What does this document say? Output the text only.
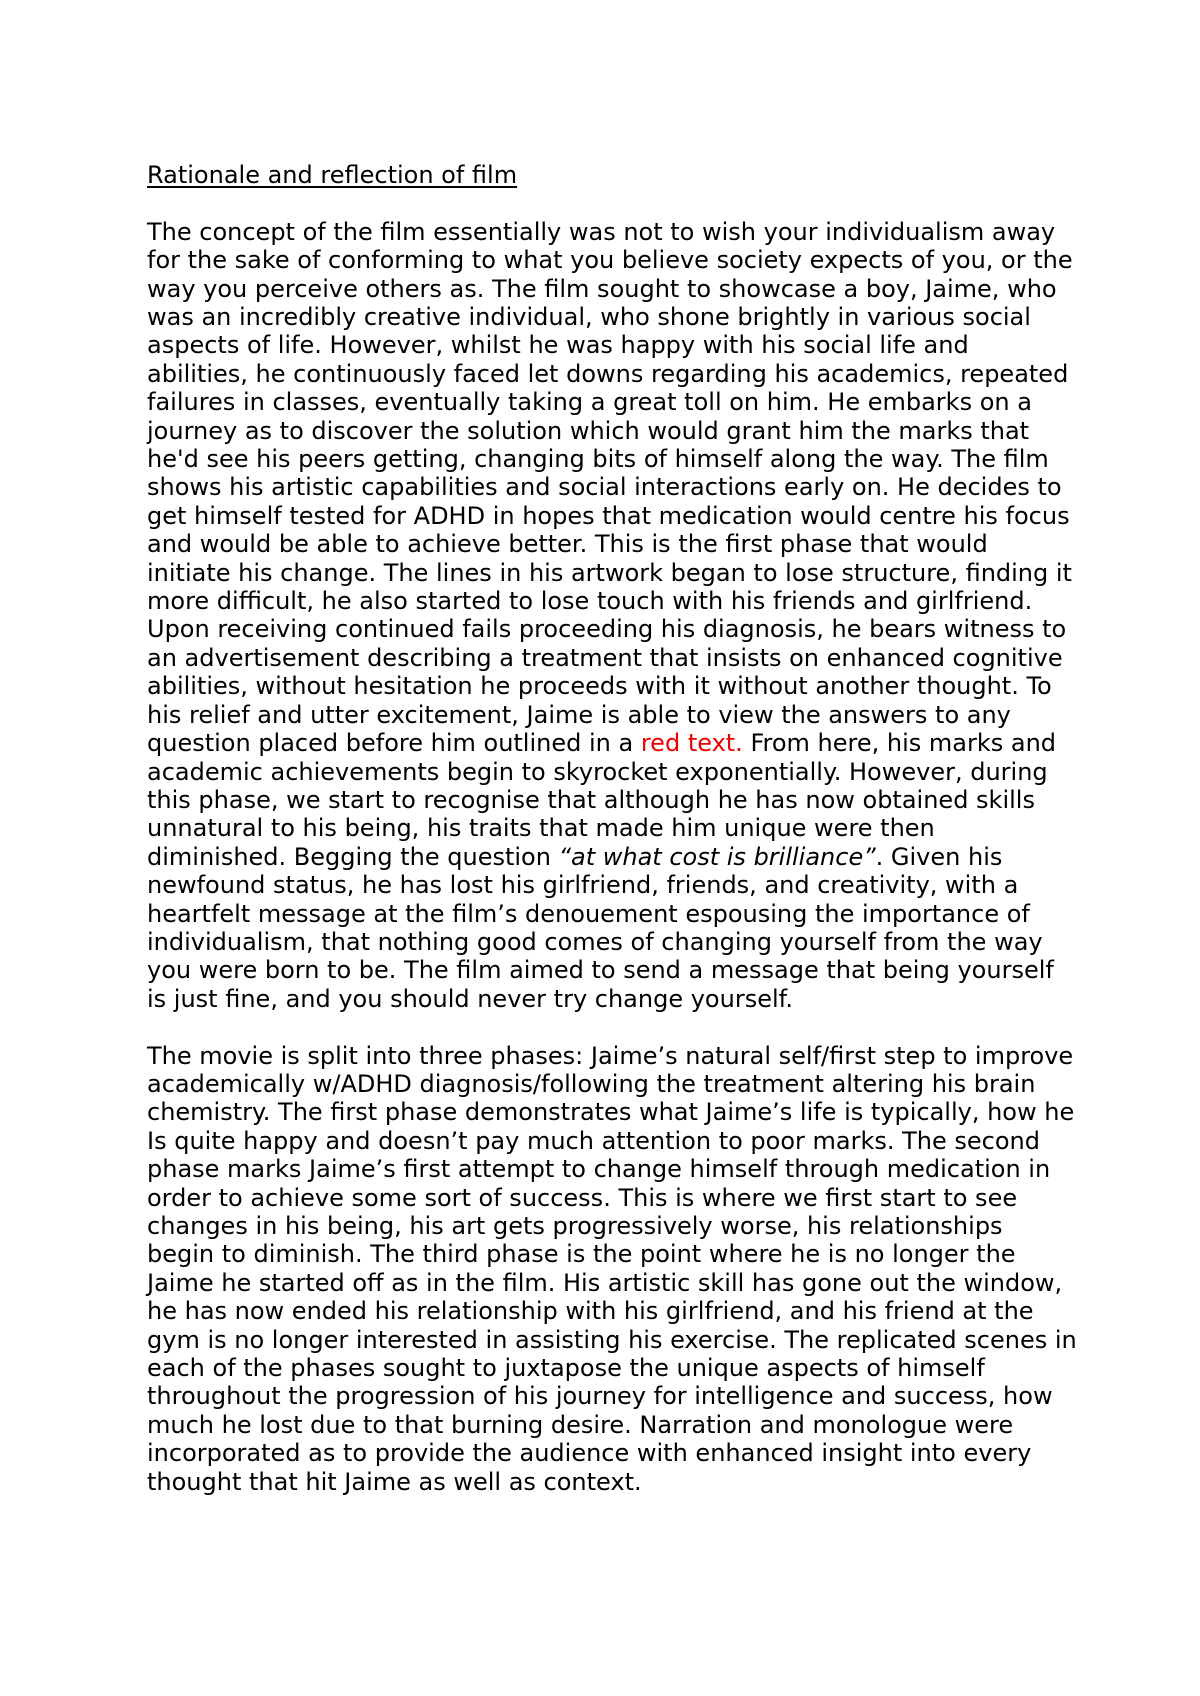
Rationale and reflection of film

The concept of the film essentially was not to wish your individualism away for the sake of conforming to what you believe society expects of you, or the way you perceive others as. The film sought to showcase a boy, Jaime, who was an incredibly creative individual, who shone brightly in various social aspects of life. However, whilst he was happy with his social life and abilities, he continuously faced let downs regarding his academics, repeated failures in classes, eventually taking a great toll on him. He embarks on a journey as to discover the solution which would grant him the marks that he'd see his peers getting, changing bits of himself along the way. The film shows his artistic capabilities and social interactions early on. He decides to get himself tested for ADHD in hopes that medication would centre his focus and would be able to achieve better. This is the first phase that would initiate his change. The lines in his artwork began to lose structure, finding it more difficult, he also started to lose touch with his friends and girlfriend. Upon receiving continued fails proceeding his diagnosis, he bears witness to an advertisement describing a treatment that insists on enhanced cognitive abilities, without hesitation he proceeds with it without another thought. To his relief and utter excitement, Jaime is able to view the answers to any question placed before him outlined in a red text. From here, his marks and academic achievements begin to skyrocket exponentially. However, during this phase, we start to recognise that although he has now obtained skills unnatural to his being, his traits that made him unique were then diminished. Begging the question “at what cost is brilliance”. Given his newfound status, he has lost his girlfriend, friends, and creativity, with a heartfelt message at the film’s denouement espousing the importance of individualism, that nothing good comes of changing yourself from the way you were born to be. The film aimed to send a message that being yourself is just fine, and you should never try change yourself.

The movie is split into three phases: Jaime’s natural self/first step to improve academically w/ADHD diagnosis/following the treatment altering his brain chemistry. The first phase demonstrates what Jaime’s life is typically, how he Is quite happy and doesn’t pay much attention to poor marks. The second phase marks Jaime’s first attempt to change himself through medication in order to achieve some sort of success. This is where we first start to see changes in his being, his art gets progressively worse, his relationships begin to diminish. The third phase is the point where he is no longer the Jaime he started off as in the film. His artistic skill has gone out the window, he has now ended his relationship with his girlfriend, and his friend at the gym is no longer interested in assisting his exercise. The replicated scenes in each of the phases sought to juxtapose the unique aspects of himself throughout the progression of his journey for intelligence and success, how much he lost due to that burning desire. Narration and monologue were incorporated as to provide the audience with enhanced insight into every thought that hit Jaime as well as context.
